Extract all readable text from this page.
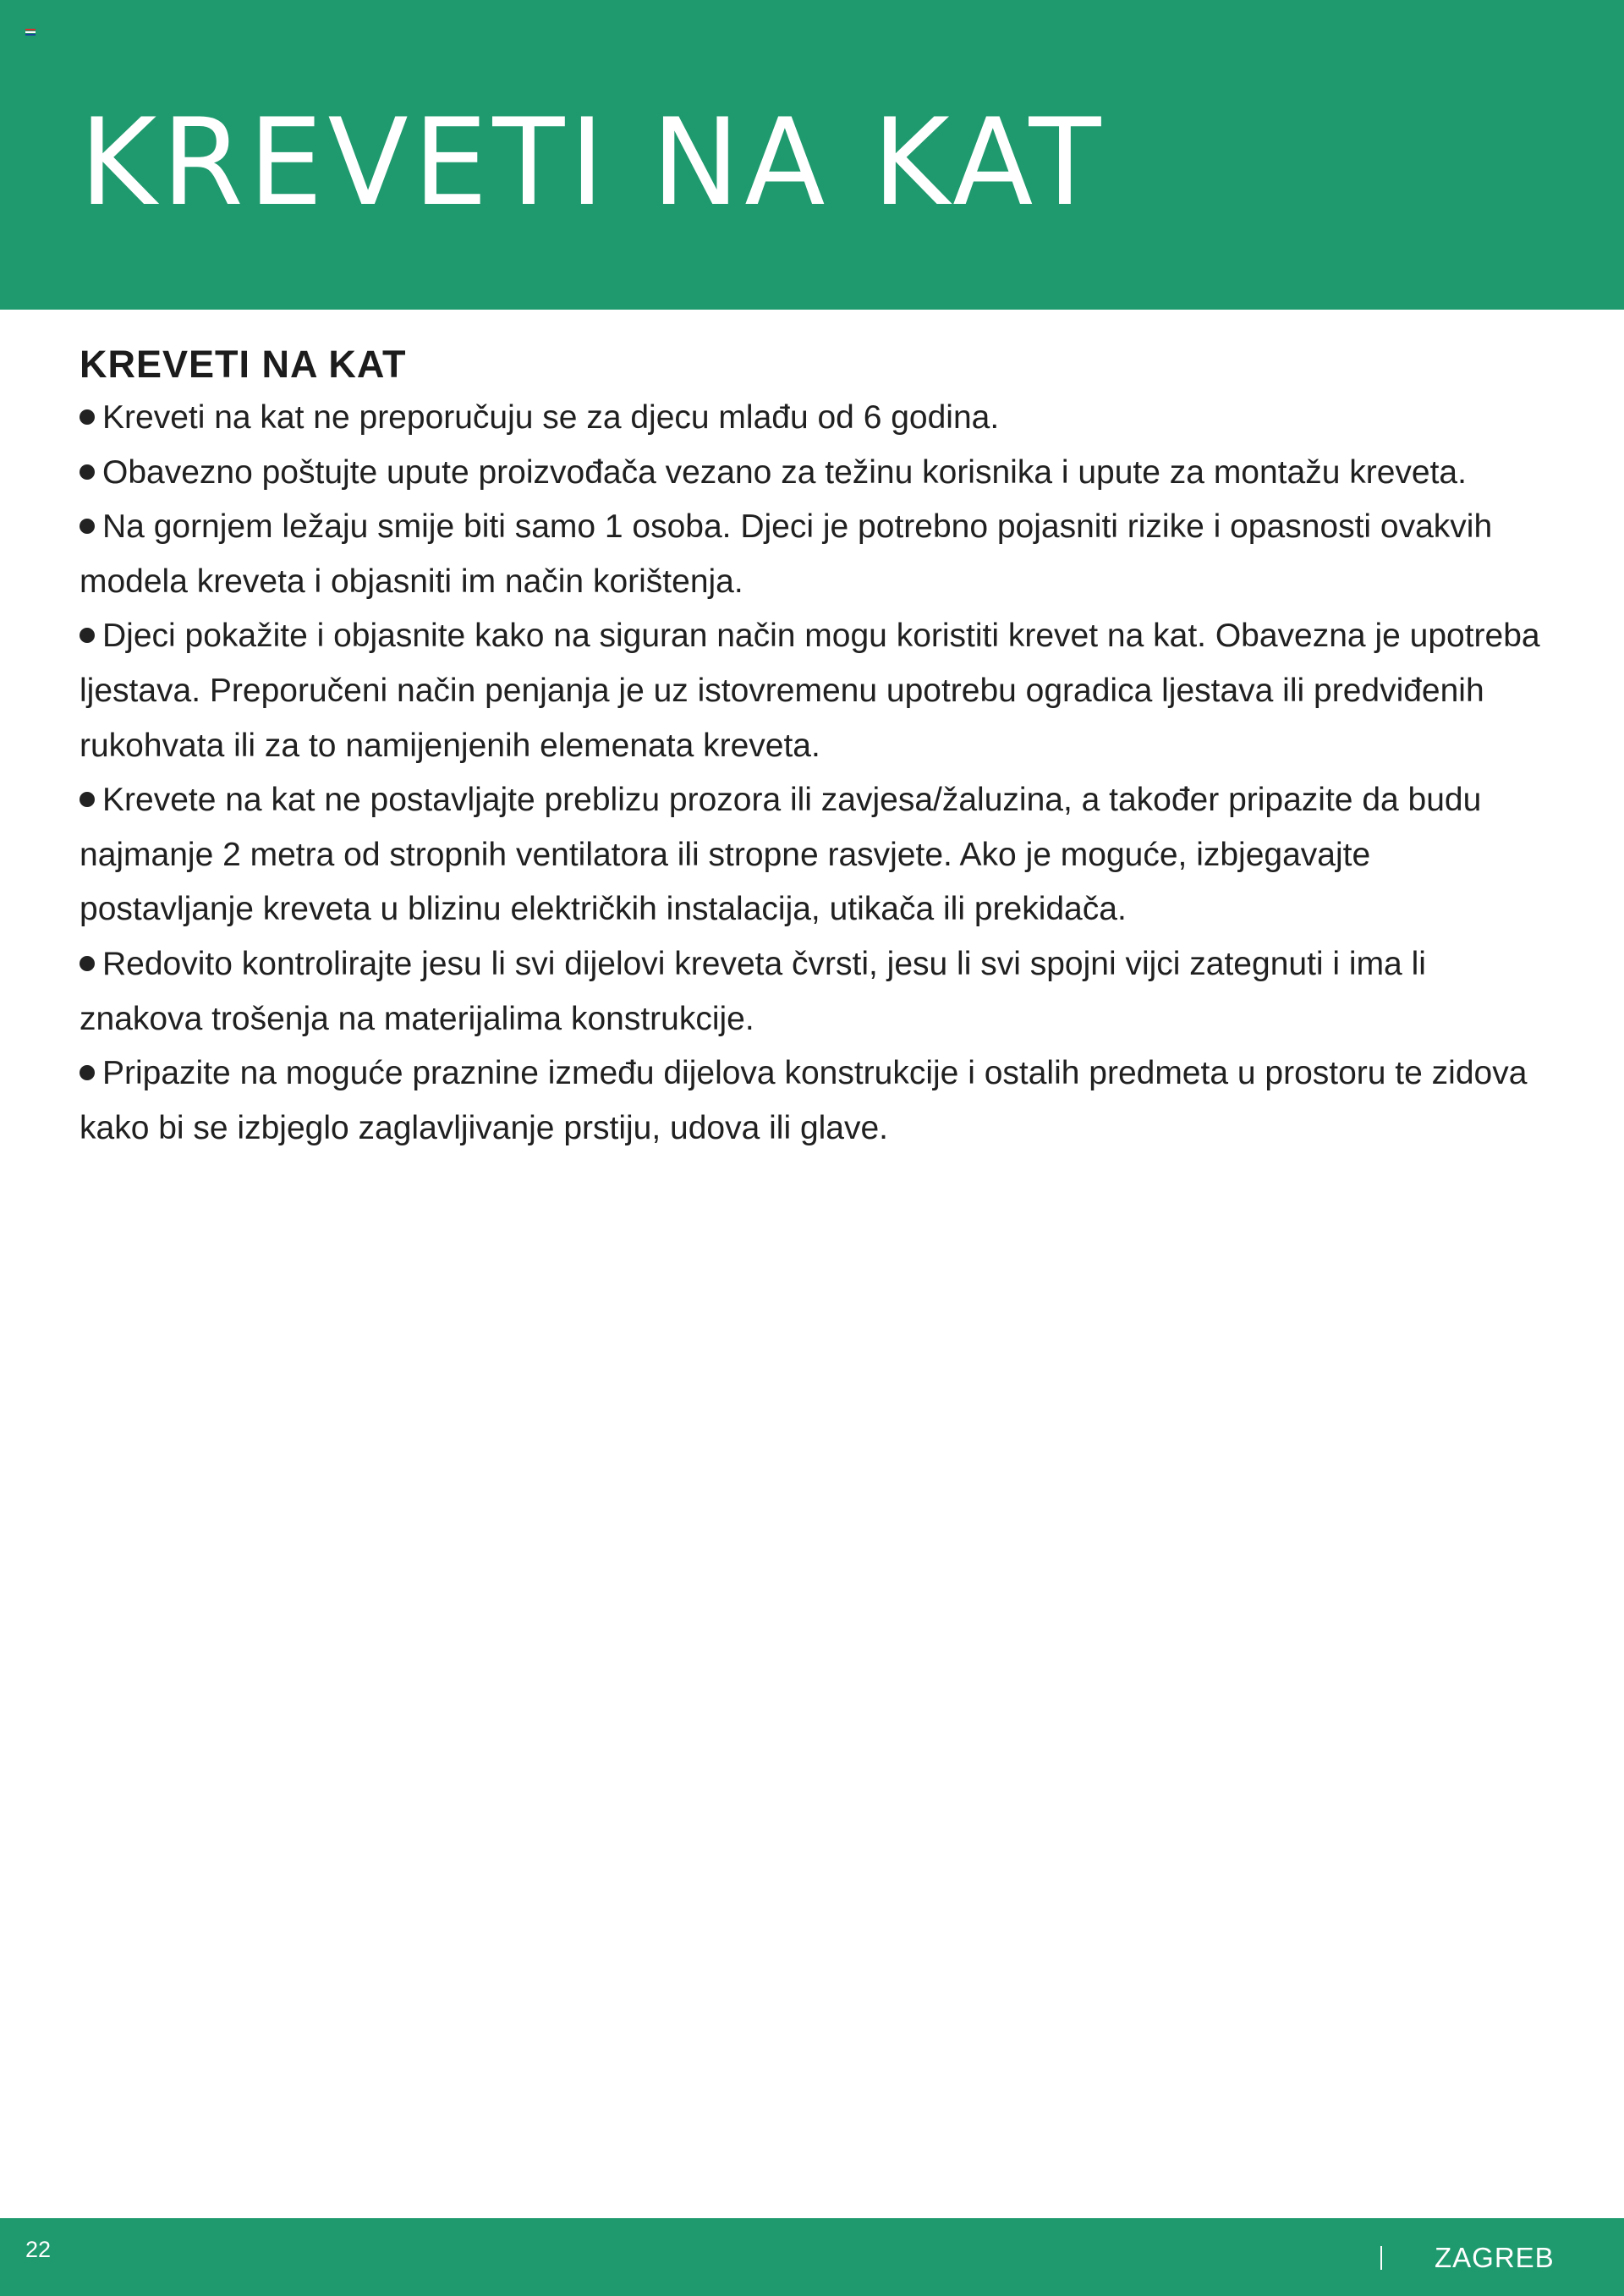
KREVETI NA KAT
KREVETI NA KAT
Kreveti na kat ne preporučuju se za djecu mlađu od 6 godina.
Obavezno poštujte upute proizvođača vezano za težinu korisnika i upute za montažu kreveta.
Na gornjem ležaju smije biti samo 1 osoba. Djeci je potrebno pojasniti rizike i opasnosti ovakvih modela kreveta i objasniti im način korištenja.
Djeci pokažite i objasnite kako na siguran način mogu koristiti krevet na kat. Obavezna je upotreba ljestava. Preporučeni način penjanja je uz istovremenu upotrebu ogradica ljestava ili predviđenih rukohvata ili za to namijenjenih elemenata kreveta.
Krevete na kat ne postavljajte preblizu prozora ili zavjesa/žaluzina, a također pripazite da budu najmanje 2 metra od stropnih ventilatora ili stropne rasvjete. Ako je moguće, izbjegavajte postavljanje kreveta u blizinu električkih instalacija, utikača ili prekidača.
Redovito kontrolirajte jesu li svi dijelovi kreveta čvrsti, jesu li svi spojni vijci zategnuti i ima li znakova trošenja na materijalima konstrukcije.
Pripazite na moguće praznine između dijelova konstrukcije i ostalih predmeta u prostoru te zidova kako bi se izbjeglo zaglavljivanje prstiju, udova ili glave.
22	ZAGREB
